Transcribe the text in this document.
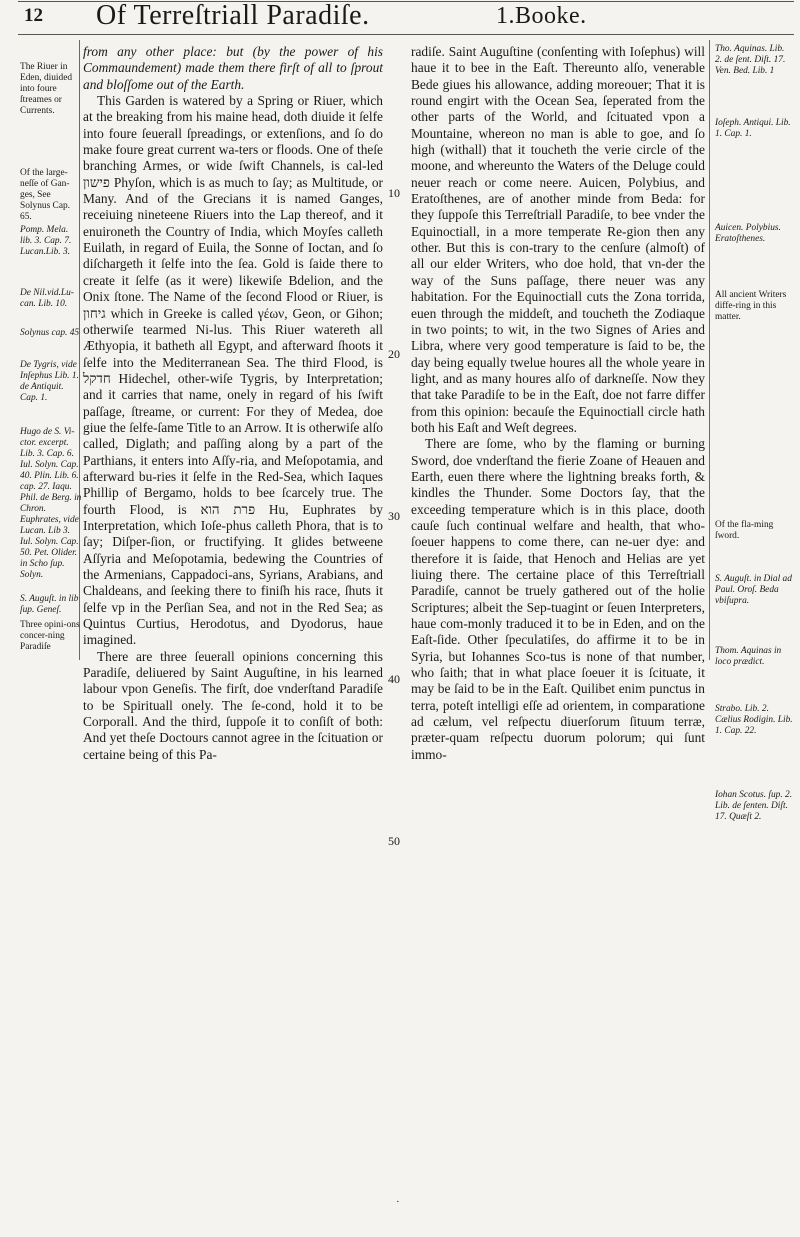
12 Of Terreſtriall Paradiſe.	1.Booke.
The Riuer in Eden, diuided into foure ſtreames or Currents.
Of the large-neſſe of Gan-ges, See Solynus Cap. 65.
Pomp. Mela. lib. 3. Cap. 7. Lucan.Lib. 3.
De Nil.vid.Lu-can. Lib. 10.
Solynus cap. 45
De Tygris, vide Inſephus Lib. 1. de Antiquit. Cap. 1.
Hugo de S. Vi-ctor. excerpt. Lib. 3. Cap. 6. Iul. Solyn. Cap. 40. Plin. Lib. 6. cap. 27. Iaqu. Phil. de Berg. in Chron. Euphrates, vide Lucan. Lib 3. Iul. Solyn. Cap. 50. Pet. Olider. in Scho ſup. Solyn.
S. Auguſt. in lib ſup. Geneſ.
Three opini-ons concer-ning Paradiſe

from any other place: but (by the power of his Commaundement) made them there firſt of all to ſprout and bloſſome out of the Earth.

This Garden is watered by a Spring or Riuer, which at the breaking from his maine head, doth diuide it ſelfe into foure ſeuerall ſpreadings, or extenſions, and ſo do make foure great current wa-ters or floods. One of theſe branching Armes, or wide ſwift Channels, is cal-led פישון Phyſon, which is as much to ſay; as Multitude, or Many. And of the Grecians it is named Ganges, receiuing nineteene Riuers into the Lap thereof, and it enuironeth the Country of India, which Moyſes calleth Euilath, in regard of Euila, the Sonne of Ioctan, and ſo diſchargeth it ſelfe into the ſea. Gold is ſaide there to create it ſelfe (as it were) likewiſe Bdelion, and the Onix ſtone. The Name of the ſecond Flood or Riuer, is גיחון which in Greeke is called γέων, Geon, or Gihon; otherwiſe tearmed Ni-lus. This Riuer watereth all Æthyopia, it batheth all Egypt, and afterward ſhoots it ſelfe into the Mediterranean Sea. The third Flood, is חדקל Hidechel, other-wiſe Tygris, by Interpretation; and it carries that name, onely in regard of his ſwift paſſage, ſtreame, or current: For they of Medea, doe giue the ſelfe-ſame Title to an Arrow. It is otherwiſe alſo called, Diglath; and paſſing along by a part of the Parthians, it enters into Aſſy-ria, and Meſopotamia, and afterward bu-ries it ſelfe in the Red-Sea, which Iaques Phillip of Bergamo, holds to bee ſcarcely true. The fourth Flood, is פרת הוא Hu, Euphrates by Interpretation, which Ioſe-phus calleth Phora, that is to ſay; Diſper-ſion, or fructifying. It glides betweene Aſſyria and Meſopotamia, bedewing the Countries of the Armenians, Cappadoci-ans, Syrians, Arabians, and Chaldeans, and ſeeking there to finiſh his race, ſhuts it ſelfe vp in the Perſian Sea, and not in the Red Sea; as Quintus Curtius, Herodotus, and Dyodorus, haue imagined.

There are three ſeuerall opinions concerning this Paradiſe, deliuered by Saint Auguſtine, in his learned labour vpon Geneſis. The firſt, doe vnderſtand Paradiſe to be Spirituall onely. The ſe-cond, hold it to be Corporall. And the third, ſuppoſe it to conſiſt of both: And yet theſe Doctours cannot agree in the ſcituation or certaine being of this Pa-

10
20
30
40
50

radiſe. Saint Auguſtine (conſenting with Ioſephus) will haue it to bee in the Eaſt. Thereunto alſo, venerable Bede giues his allowance, adding moreouer; That it is round engirt with the Ocean Sea, ſeperated from the other parts of the World, and ſcituated vpon a Mountaine, whereon no man is able to goe, and ſo high (withall) that it toucheth the verie circle of the moone, and whereunto the Waters of the Deluge could neuer reach or come neere. Auicen, Polybius, and Eratoſthenes, are of another minde from Beda: for they ſuppoſe this Terreſtriall Paradiſe, to bee vnder the Equinoctiall, in a more temperate Re-gion then any other. But this is con-trary to the cenſure (almoſt) of all our elder Writers, who doe hold, that vn-der the way of the Suns paſſage, there neuer was any habitation. For the Equinoctiall cuts the Zona torrida, euen through the middeſt, and toucheth the Zodiaque in two points; to wit, in the two Signes of Aries and Libra, where very good temperature is ſaid to be, the day being equally twelue houres all the whole yeare in light, and as many houres alſo of darkneſſe. Now they that take Paradiſe to be in the Eaſt, doe not farre differ from this opinion: becauſe the Equinoctiall circle hath both his Eaſt and Weſt degrees.

There are ſome, who by the flaming or burning Sword, doe vnderſtand the fierie Zoane of Heauen and Earth, euen there where the lightning breaks forth, & kindles the Thunder. Some Doctors ſay, that the exceeding temperature which is in this place, dooth cauſe ſuch continual welfare and health, that who-ſoeuer happens to come there, can ne-uer dye: and therefore it is ſaide, that Henoch and Helias are yet liuing there. The certaine place of this Terreſtriall Paradiſe, cannot be truely gathered out of the holie Scriptures; albeit the Sep-tuagint or ſeuen Interpreters, haue com-monly traduced it to be in Eden, and on the Eaſt-ſide. Other ſpeculatiſes, do affirme it to be in Syria, but Iohannes Sco-tus is none of that number, who ſaith; that in what place ſoeuer it is ſcituate, it may be ſaid to be in the Eaſt. Quilibet enim punctus in terra, poteſt intelligi eſſe ad orientem, in comparatione ad cælum, vel reſpectu diuerſorum ſituum terræ, præter-quam reſpectu duorum polorum; qui ſunt immo-

Tho. Aquinas. Lib. 2. de ſent. Diſt. 17. Ven. Bed. Lib. 1
Ioſeph. Antiqui. Lib. 1. Cap. 1.
Auicen. Polybius. Eratoſthenes.
All ancient Writers diffe-ring in this matter.
Of the fla-ming ſword.
S. Auguſt. in Dial ad Paul. Oroſ. Beda vbiſupra.
Thom. Aquinas in loco prædict.
Strabo. Lib. 2. Cælius Rodigin. Lib. 1. Cap. 22.
Iohan Scotus. ſup. 2. Lib. de ſenten. Diſt. 17. Quæſt 2.
·
